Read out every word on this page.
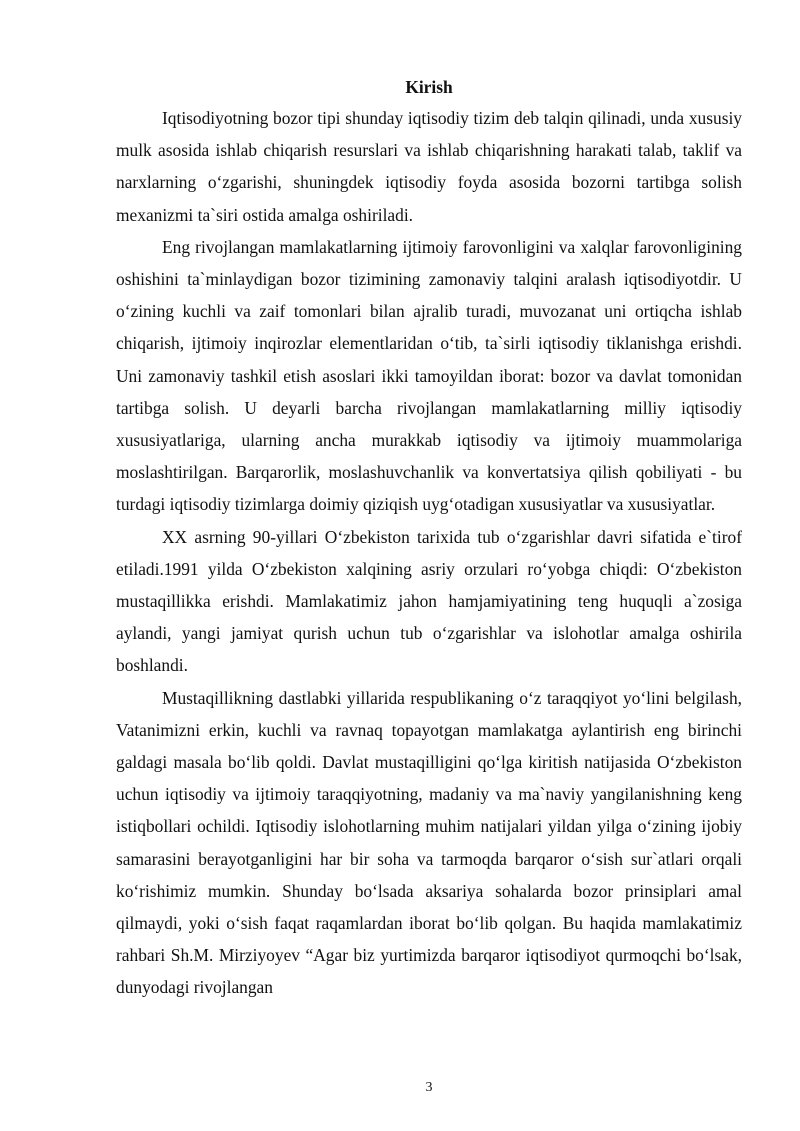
Kirish

Iqtisodiyotning bozor tipi shunday iqtisodiy tizim deb talqin qilinadi, unda xususiy mulk asosida ishlab chiqarish resurslari va ishlab chiqarishning harakati talab, taklif va narxlarning o‘zgarishi, shuningdek iqtisodiy foyda asosida bozorni tartibga solish mexanizmi ta`siri ostida amalga oshiriladi.

Eng rivojlangan mamlakatlarning ijtimoiy farovonligini va xalqlar farovonligining oshishini ta`minlaydigan bozor tizimining zamonaviy talqini aralash iqtisodiyotdir. U o‘zining kuchli va zaif tomonlari bilan ajralib turadi, muvozanat uni ortiqcha ishlab chiqarish, ijtimoiy inqirozlar elementlaridan o‘tib, ta`sirli iqtisodiy tiklanishga erishdi. Uni zamonaviy tashkil etish asoslari ikki tamoyildan iborat: bozor va davlat tomonidan tartibga solish. U deyarli barcha rivojlangan mamlakatlarning milliy iqtisodiy xususiyatlariga, ularning ancha murakkab iqtisodiy va ijtimoiy muammolariga moslashtirilgan. Barqarorlik, moslashuvchanlik va konvertatsiya qilish qobiliyati - bu turdagi iqtisodiy tizimlarga doimiy qiziqish uyg‘otadigan xususiyatlar va xususiyatlar.

XX asrning 90-yillari O‘zbekiston tarixida tub o‘zgarishlar davri sifatida e`tirof etiladi.1991 yilda O‘zbekiston xalqining asriy orzulari ro‘yobga chiqdi: O‘zbekiston mustaqillikka erishdi. Mamlakatimiz jahon hamjamiyatining teng huquqli a`zosiga aylandi, yangi jamiyat qurish uchun tub o‘zgarishlar va islohotlar amalga oshirila boshlandi.

Mustaqillikning dastlabki yillarida respublikaning o‘z taraqqiyot yo‘lini belgilash, Vatanimizni erkin, kuchli va ravnaq topayotgan mamlakatga aylantirish eng birinchi galdagi masala bo‘lib qoldi. Davlat mustaqilligini qo‘lga kiritish natijasida O‘zbekiston uchun iqtisodiy va ijtimoiy taraqqiyotning, madaniy va ma`naviy yangilanishning keng istiqbollari ochildi. Iqtisodiy islohotlarning muhim natijalari yildan yilga o‘zining ijobiy samarasini berayotganligini har bir soha va tarmoqda barqaror o‘sish sur`atlari orqali ko‘rishimiz mumkin. Shunday bo‘lsada aksariya sohalarda bozor prinsiplari amal qilmaydi, yoki o‘sish faqat raqamlardan iborat bo‘lib qolgan. Bu haqida mamlakatimiz rahbari Sh.M. Mirziyoyev “Agar biz yurtimizda barqaror iqtisodiyot qurmoqchi bo‘lsak, dunyodagi rivojlangan

3
